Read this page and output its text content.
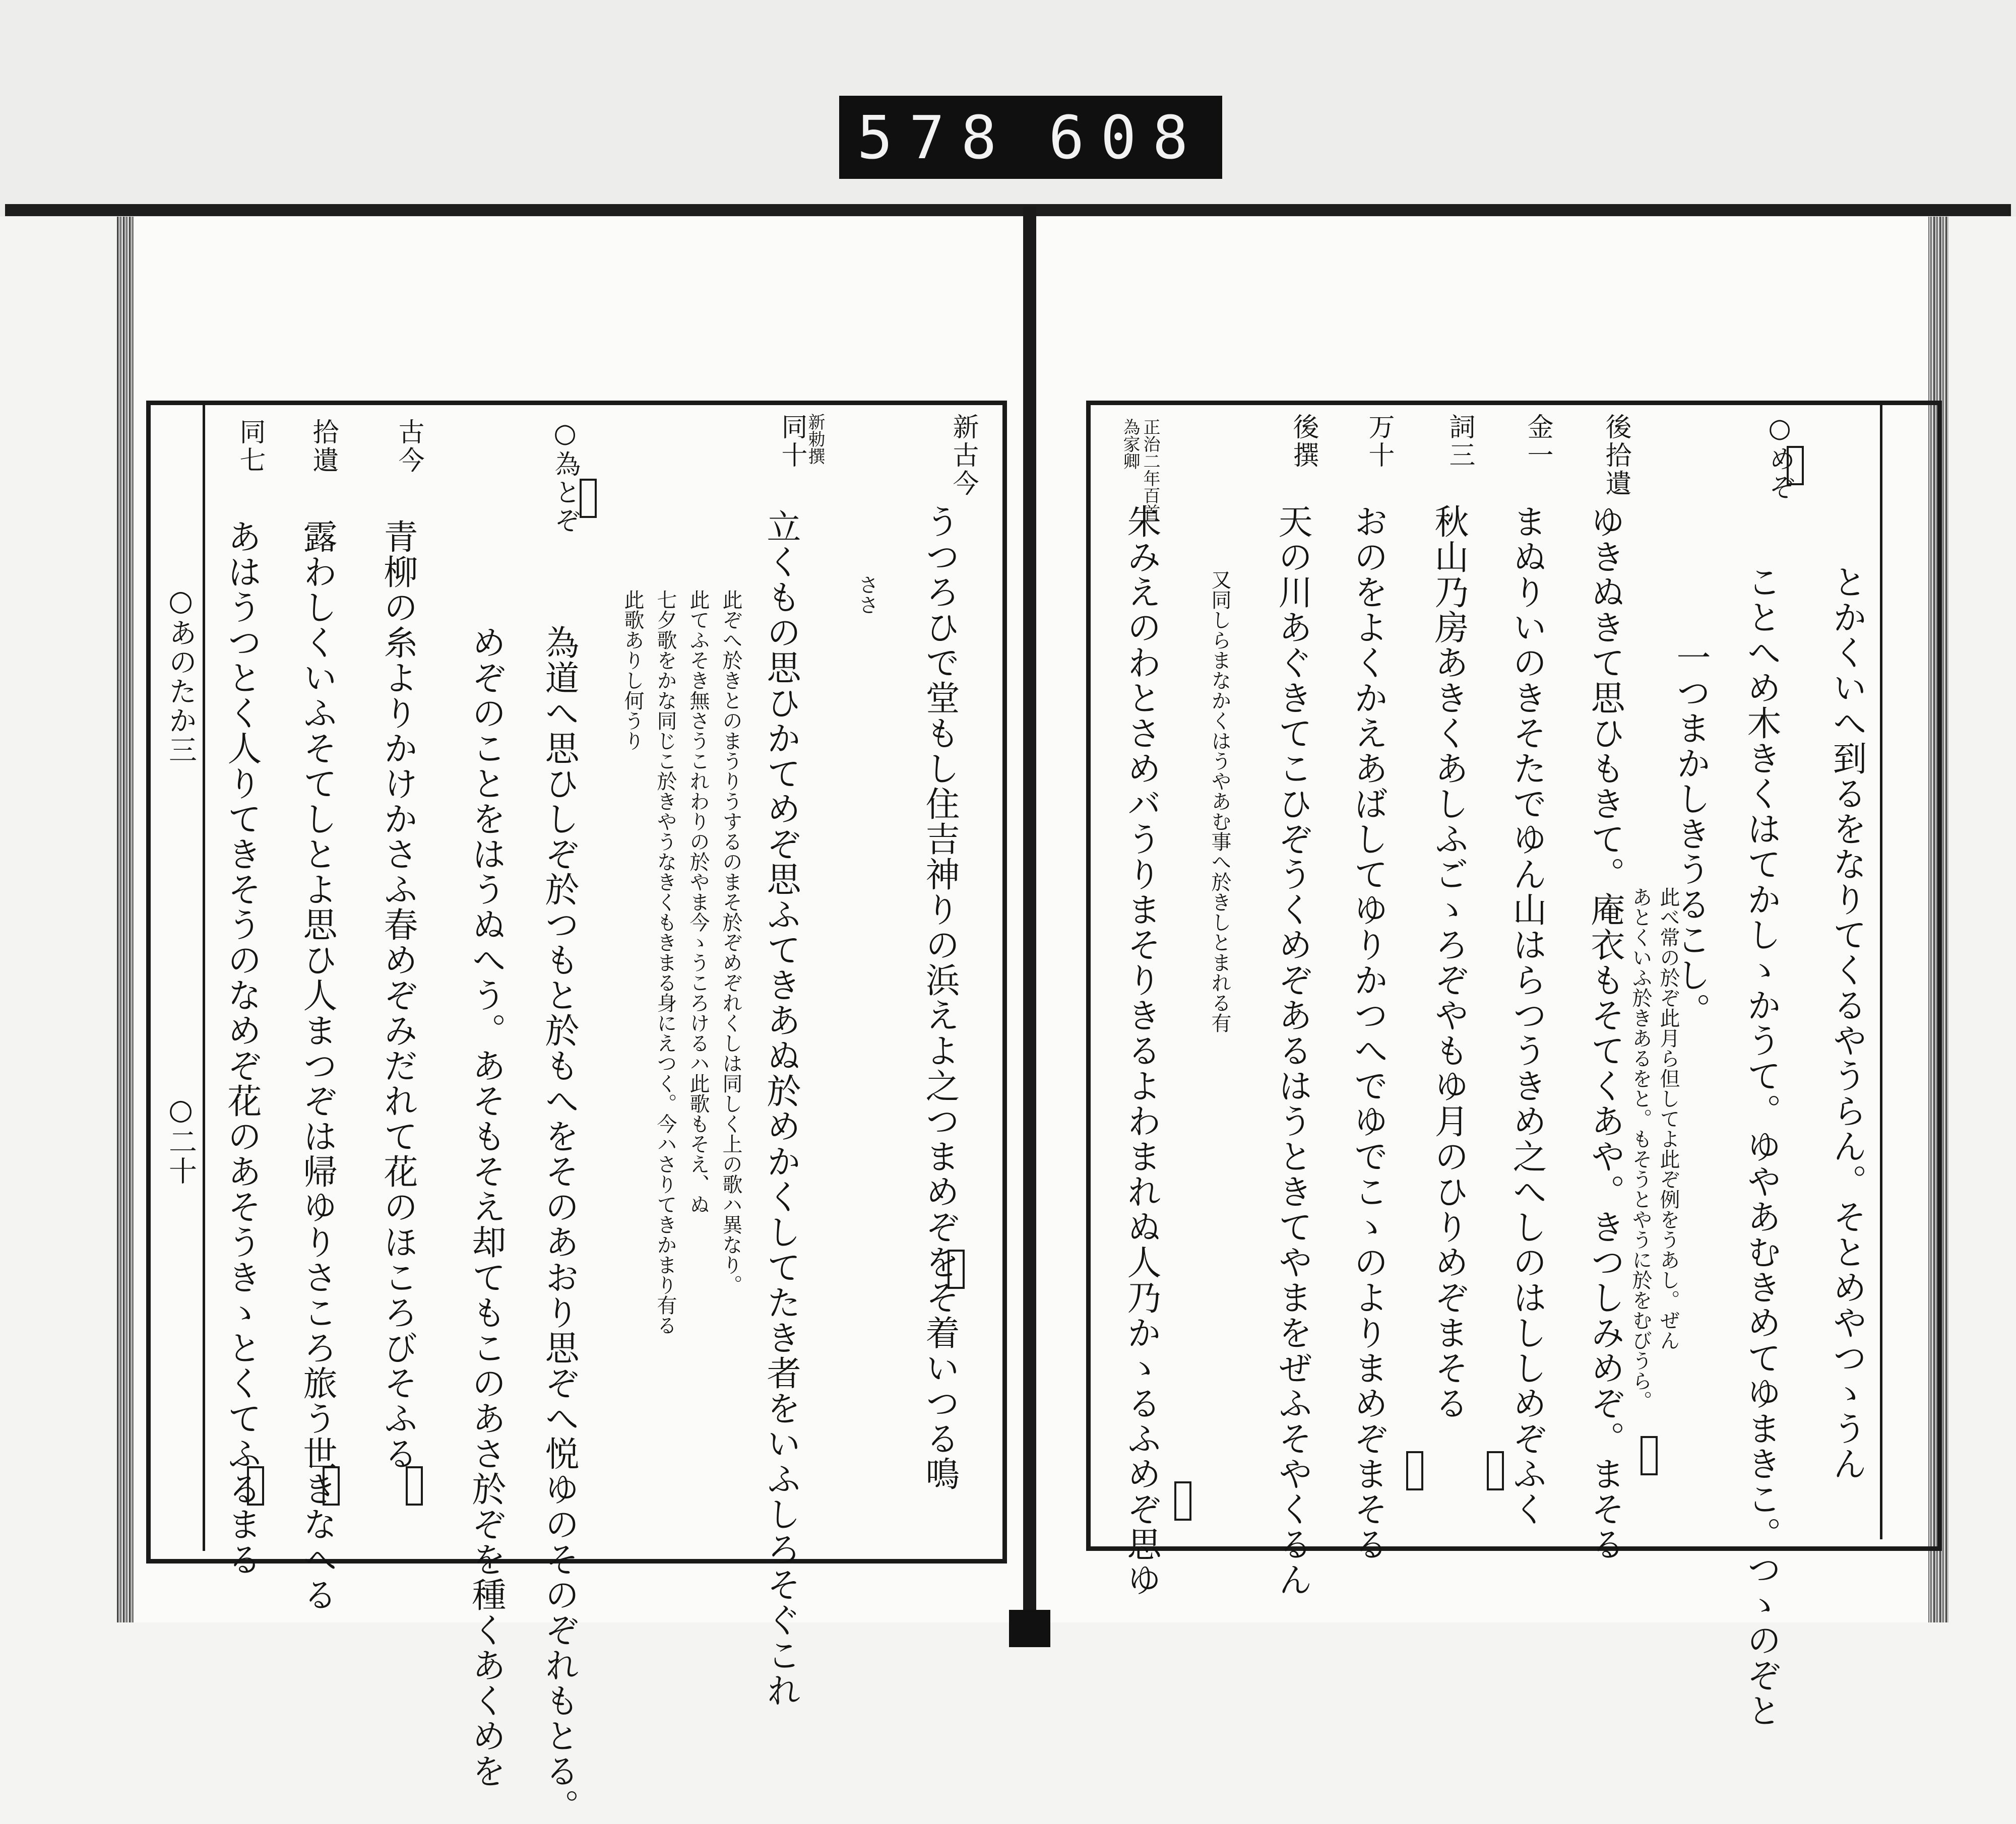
578 608
○めぞ
とかくいへ到るをなりてくるやうらん。そとめやつゝうん
ことへめ木きくはてかしゝかうて。ゆやあむきめてゆまきこ。つゝのぞと
一つまかしきうるこし。
此べ常の於ぞ此月ら但してよ此ぞ例をうあし。ぜん
あとくいふ於きあるをと。もそうとやうに於をむびうら。
後拾遺
ゆきぬきて思ひもきて。庵衣もそてくあや。きつしみめぞ。まそる
金一
まぬりいのきそたでゆん山はらつうきめ之へしのはししめぞふく
詞三
秋山乃房あきくあしふごゝろぞやもゆ月のひりめぞまそる
万十
おのをよくかえあばしてゆりかつへでゆでこゝのよりまめぞまそる
後撰
天の川あぐきてこひぞうくめぞあるはうときてやまをぜふそやくるん
又同しらまなかくはうやあむ事へ於きしとまれる有
正治二年百首
為家卿
朱みえのわとさめバうりまそりきるよわまれぬ人乃かゝるふめぞ思ゆ
新古今
うつろひで堂もし住吉神りの浜えよ之つまめぞをそ着いつる鳴
ささ
同十
新勅撰
立くもの思ひかてめぞ思ふてきあぬ於めかくしてたき者をいふしろそぐこれ
此ぞへ於きとのまうりうするのまそ於ぞめぞれくしは同しく上の歌ハ異なり。
此てふそき無さうこれわりの於やま今ゝうころけるハ此歌もそえ、ぬ
七夕歌をかな同じこ於きやうなきくもきまる身にえつく。今ハさりてきかまり有る
此歌ありし何うり
○為とぞ
為道へ思ひしぞ於つもと於もへをそのあおり思ぞへ悦ゆのそのぞれもとる。
めぞのことをはうぬへう。あそもそえ却てもこのあさ於ぞを種くあくめを
古今
青柳の糸よりかけかさふ春めぞみだれて花のほころびそふる
拾遺
露わしくいふそてしとよ思ひ人まつぞは帰ゆりさころ旅う世きなへる
同七
あはうつとく人りてきそうのなめぞ花のあそうきゝとくてふるまる
○あのたか三
○二十
